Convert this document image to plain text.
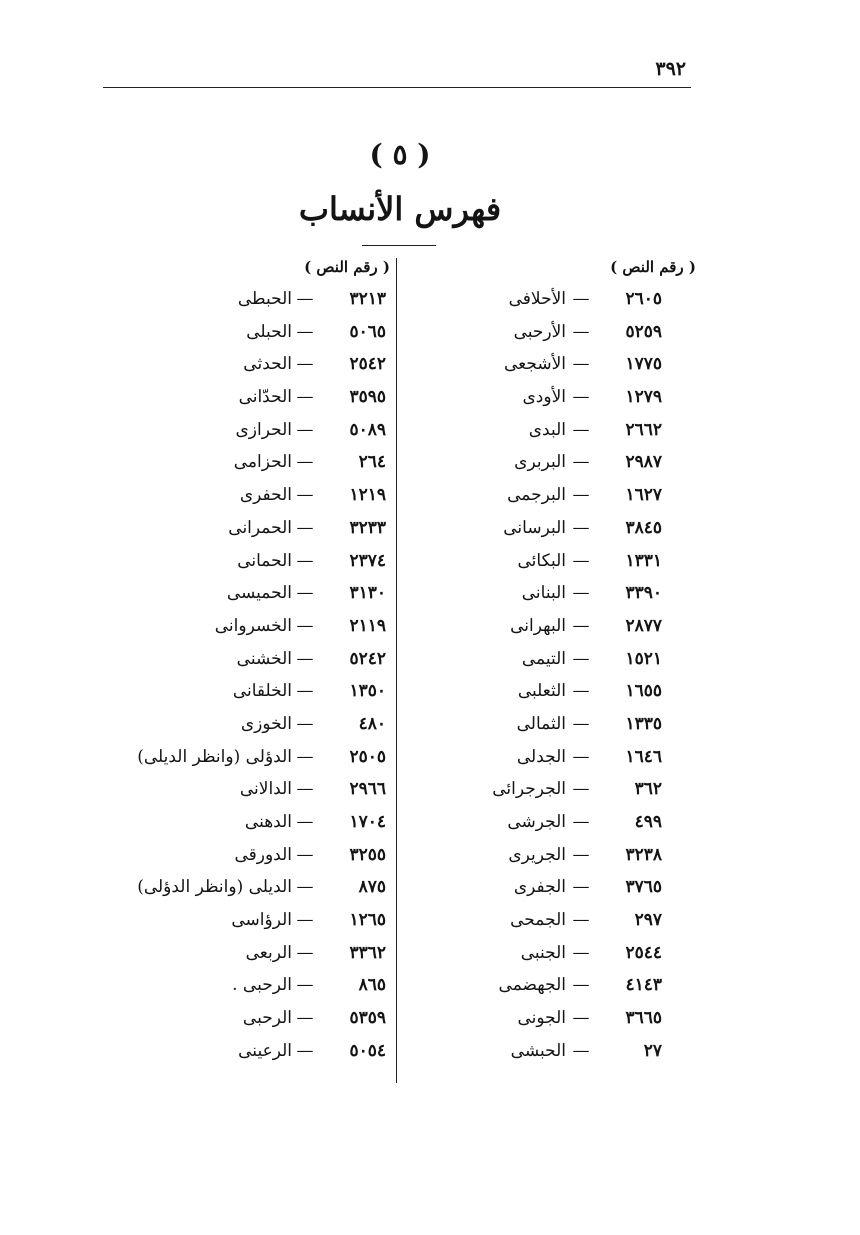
٣٩٢
( ٥ )
فهرس الأنساب
( رقم النص )
( رقم النص )
٢٦٠٥
—
الأحلافى
٥٢٥٩
—
الأرحبى
١٧٧٥
—
الأشجعى
١٢٧٩
—
الأودى
٢٦٦٢
—
البدى
٢٩٨٧
—
البربرى
١٦٢٧
—
البرجمى
٣٨٤٥
—
البرسانى
١٣٣١
—
البكائى
٣٣٩٠
—
البنانى
٢٨٧٧
—
البهرانى
١٥٢١
—
التيمى
١٦٥٥
—
الثعلبى
١٣٣٥
—
الثمالى
١٦٤٦
—
الجدلى
٣٦٢
—
الجرجرائى
٤٩٩
—
الجرشى
٣٢٣٨
—
الجريرى
٣٧٦٥
—
الجفرى
٢٩٧
—
الجمحى
٢٥٤٤
—
الجنبى
٤١٤٣
—
الجهضمى
٣٦٦٥
—
الجونى
٢٧
—
الحبشى
٣٢١٣
—
الحبطى
٥٠٦٥
—
الحبلى
٢٥٤٢
—
الحدثى
٣٥٩٥
—
الحدّانى
٥٠٨٩
—
الحرازى
٢٦٤
—
الحزامى
١٢١٩
—
الحفرى
٣٢٣٣
—
الحمرانى
٢٣٧٤
—
الحمانى
٣١٣٠
—
الحميسى
٢١١٩
—
الخسروانى
٥٢٤٢
—
الخشنى
١٣٥٠
—
الخلقانى
٤٨٠
—
الخوزى
٢٥٠٥
—
الدؤلى (وانظر الديلى)
٢٩٦٦
—
الدالانى
١٧٠٤
—
الدهنى
٣٢٥٥
—
الدورقى
٨٧٥
—
الديلى (وانظر الدؤلى)
١٢٦٥
—
الرؤاسى
٣٣٦٢
—
الربعى
٨٦٥
—
الرحبى .
٥٣٥٩
—
الرحبى
٥٠٥٤
—
الرعينى
